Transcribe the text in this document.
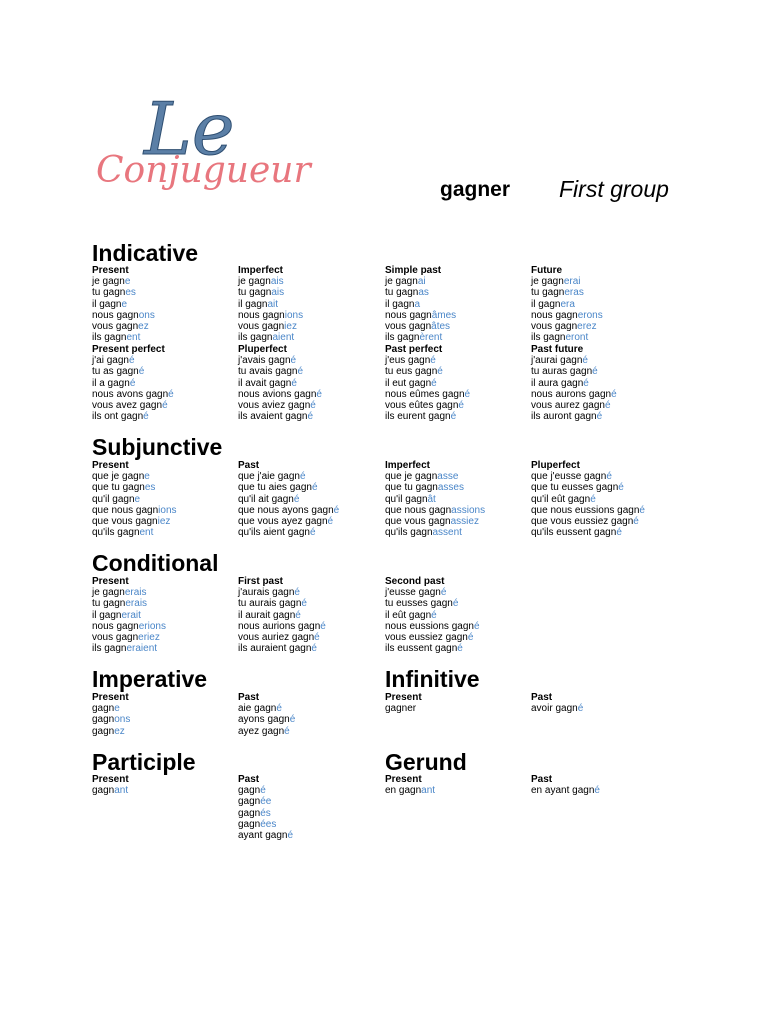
Le
Conjugueur	gagner First group
Indicative
Present
je gagne
tu gagnes
il gagne
nous gagnons
vous gagnez
ils gagnent
Imperfect
je gagnais
tu gagnais
il gagnait
nous gagnions
vous gagniez
ils gagnaient
Simple past
je gagnai
tu gagnas
il gagna
nous gagnâmes
vous gagnâtes
ils gagnèrent
Future
je gagnerai
tu gagneras
il gagnera
nous gagnerons
vous gagnerez
ils gagneront
Present perfect
j'ai gagné
tu as gagné
il a gagné
nous avons gagné
vous avez gagné
ils ont gagné
Pluperfect
j'avais gagné
tu avais gagné
il avait gagné
nous avions gagné
vous aviez gagné
ils avaient gagné
Past perfect
j'eus gagné
tu eus gagné
il eut gagné
nous eûmes gagné
vous eûtes gagné
ils eurent gagné
Past future
j'aurai gagné
tu auras gagné
il aura gagné
nous aurons gagné
vous aurez gagné
ils auront gagné
Subjunctive
Present
que je gagne
que tu gagnes
qu'il gagne
que nous gagnions
que vous gagniez
qu'ils gagnent
Past
que j'aie gagné
que tu aies gagné
qu'il ait gagné
que nous ayons gagné
que vous ayez gagné
qu'ils aient gagné
Imperfect
que je gagnasse
que tu gagnasses
qu'il gagnât
que nous gagnassions
que vous gagnassiez
qu'ils gagnassent
Pluperfect
que j'eusse gagné
que tu eusses gagné
qu'il eût gagné
que nous eussions gagné
que vous eussiez gagné
qu'ils eussent gagné
Conditional
Present
je gagnerais
tu gagnerais
il gagnerait
nous gagnerions
vous gagneriez
ils gagneraient
First past
j'aurais gagné
tu aurais gagné
il aurait gagné
nous aurions gagné
vous auriez gagné
ils auraient gagné
Second past
j'eusse gagné
tu eusses gagné
il eût gagné
nous eussions gagné
vous eussiez gagné
ils eussent gagné
Imperative
Present
gagne
gagnons
gagnez
Past
aie gagné
ayons gagné
ayez gagné
Infinitive
Present
gagner
Past
avoir gagné
Participle
Present
gagnant
Past
gagné
gagnée
gagnés
gagnées
ayant gagné
Gerund
Present
en gagnant
Past
en ayant gagné
